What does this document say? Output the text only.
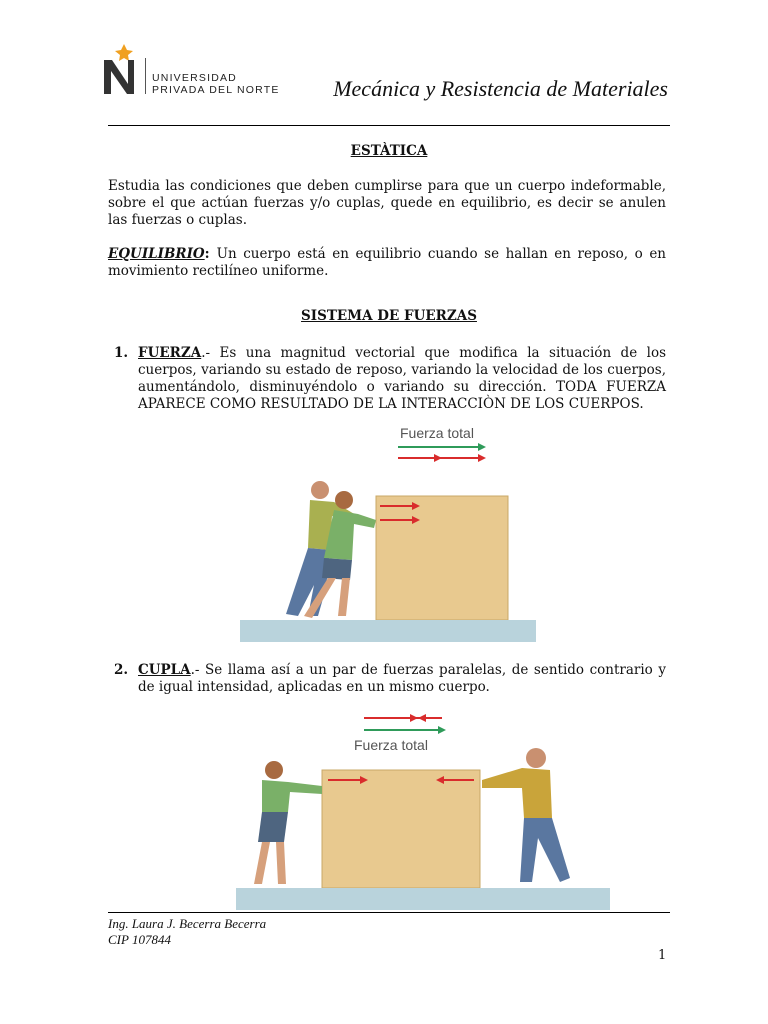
UNIVERSIDAD
PRIVADA DEL NORTE Mecánica y Resistencia de Materiales
ESTÀTICA
Estudia las condiciones que deben cumplirse para que un cuerpo indeformable, sobre el que actúan fuerzas y/o cuplas, quede en equilibrio, es decir se anulen las fuerzas o cuplas.
EQUILIBRIO: Un cuerpo está en equilibrio cuando se hallan en reposo, o en movimiento rectilíneo uniforme.
SISTEMA DE FUERZAS
1. FUERZA.- Es una magnitud vectorial que modifica la situación de los cuerpos, variando su estado de reposo, variando la velocidad de los cuerpos, aumentándolo, disminuyéndolo o variando su dirección. TODA FUERZA APARECE COMO RESULTADO DE LA INTERACCIÒN DE LOS CUERPOS.
Fuerza total
2. CUPLA.- Se llama así a un par de fuerzas paralelas, de sentido contrario y de igual intensidad, aplicadas en un mismo cuerpo.
Fuerza total
Ing. Laura J. Becerra Becerra
CIP 107844
1
